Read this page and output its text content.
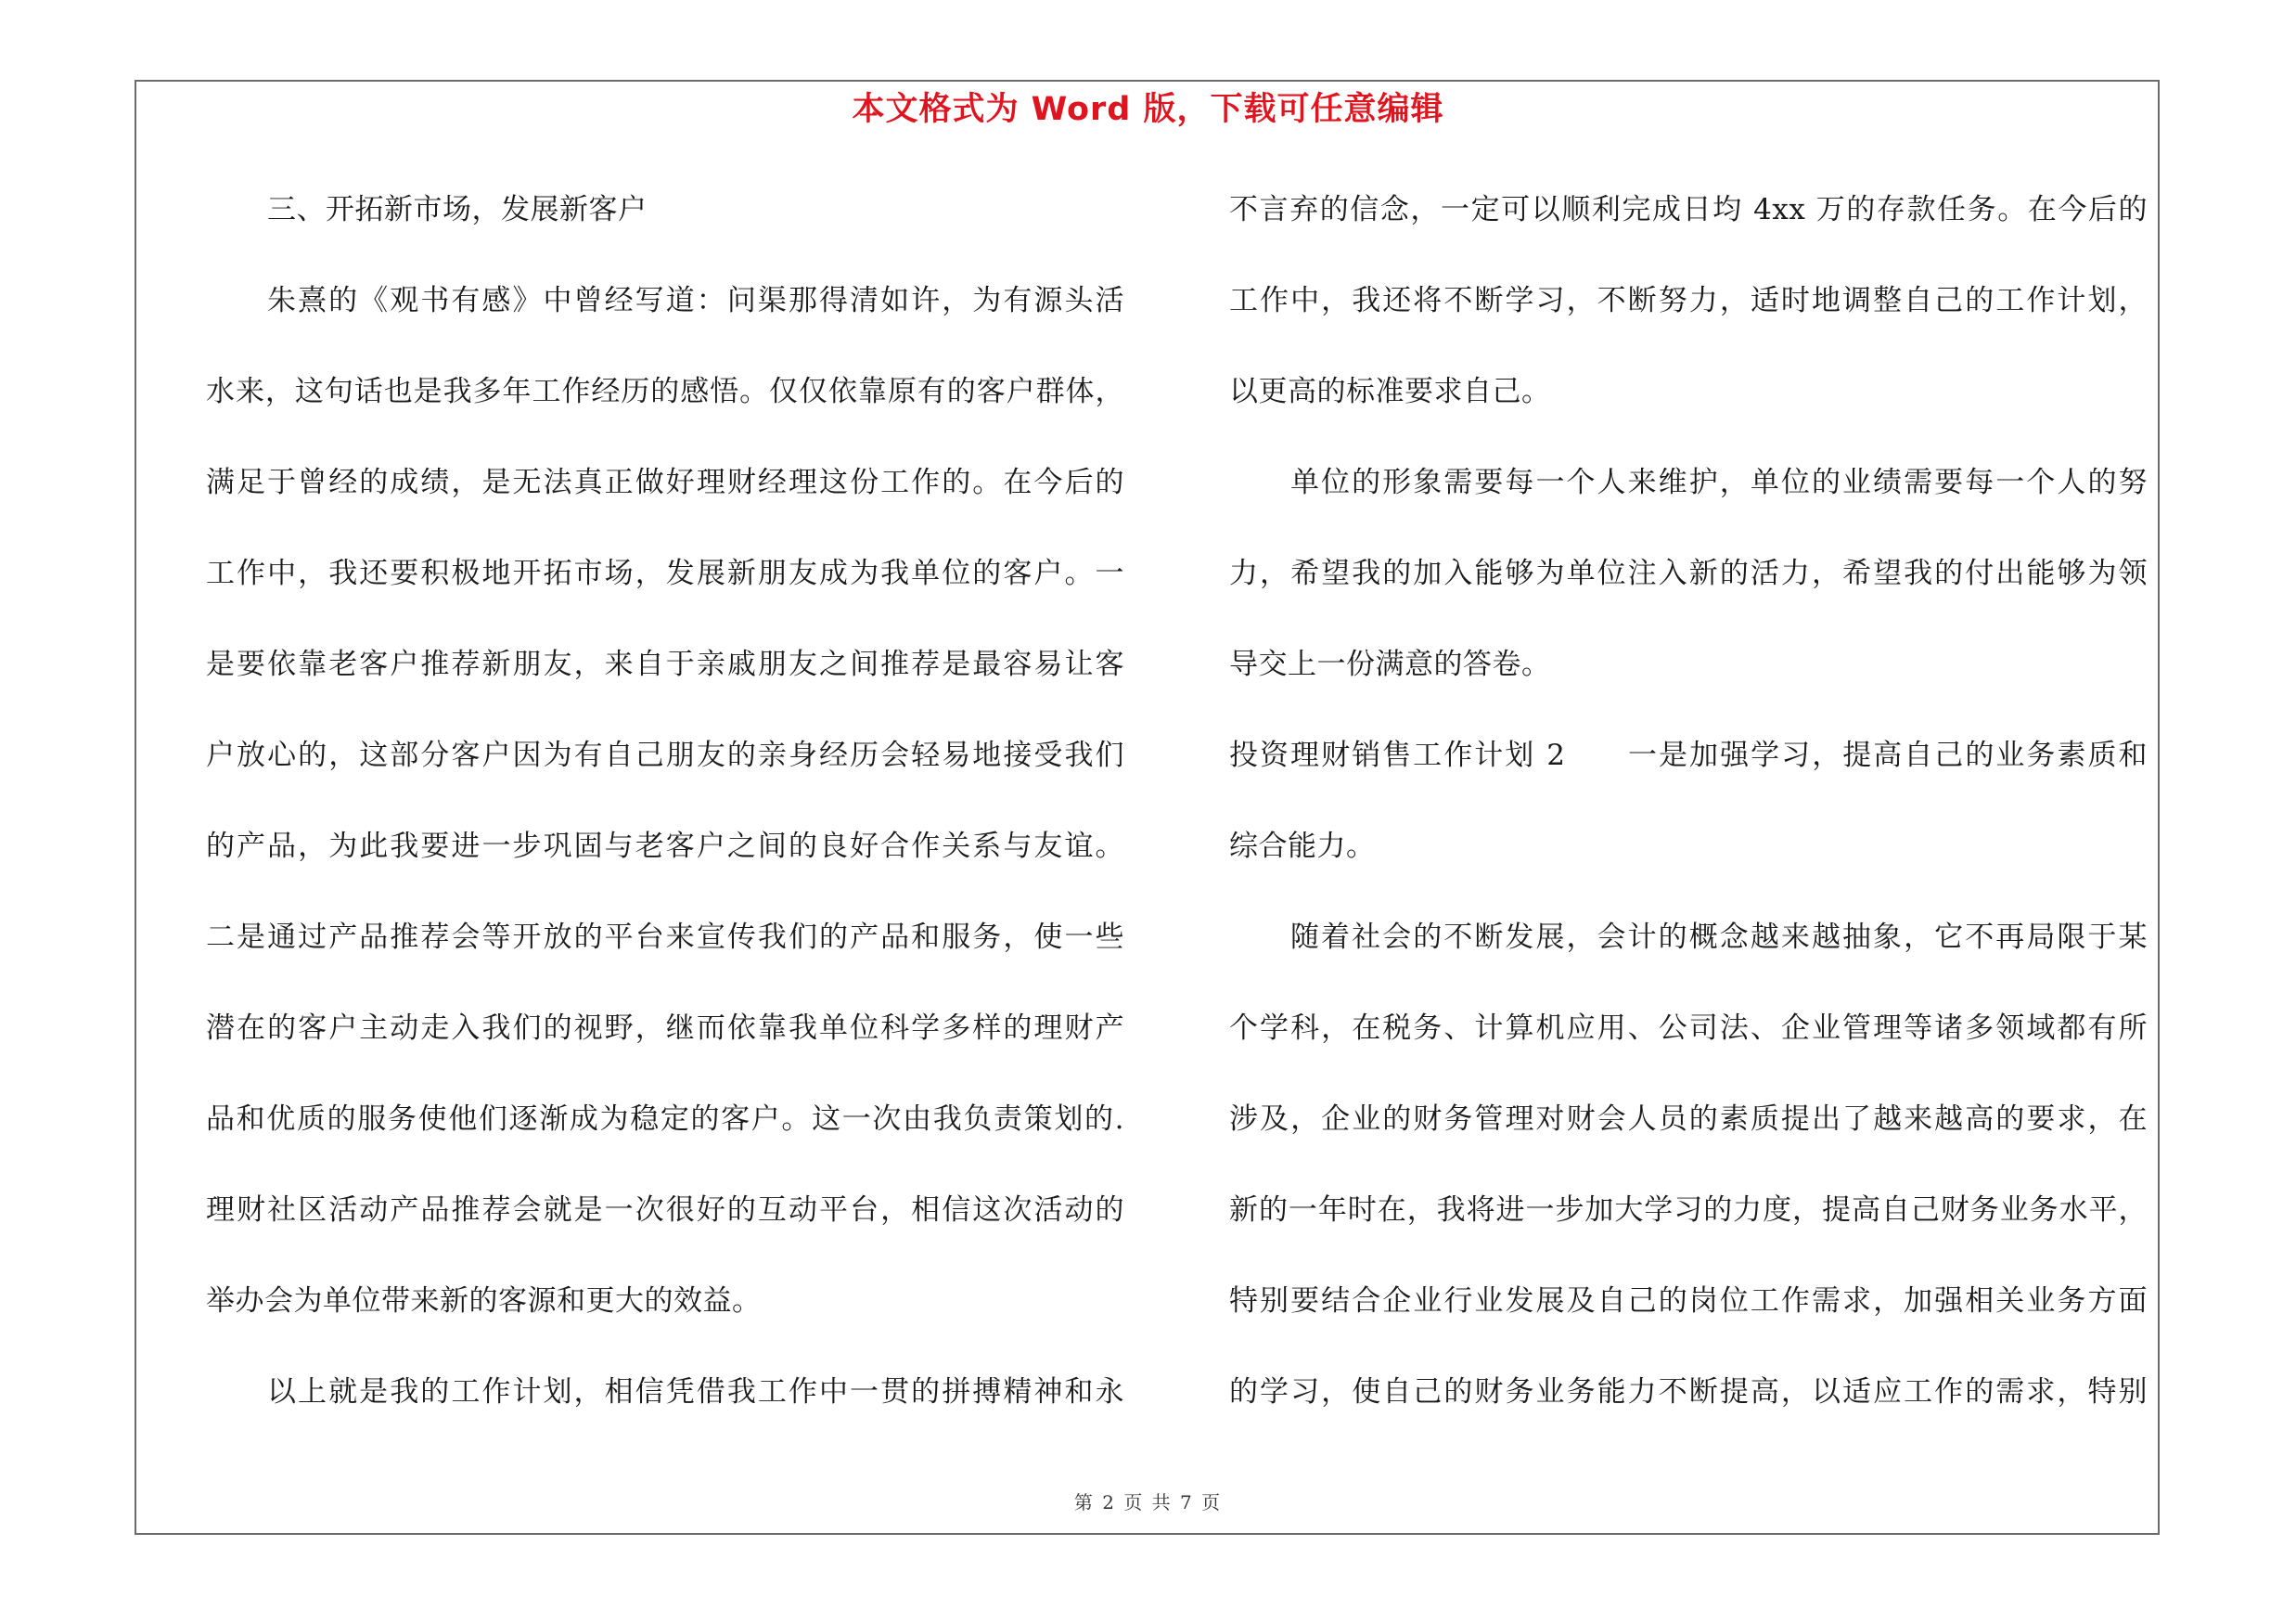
本文格式为 Word 版，下载可任意编辑
三、开拓新市场，发展新客户
朱熹的《观书有感》中曾经写道：问渠那得清如许，为有源头活
水来，这句话也是我多年工作经历的感悟。仅仅依靠原有的客户群体，
满足于曾经的成绩，是无法真正做好理财经理这份工作的。在今后的
工作中，我还要积极地开拓市场，发展新朋友成为我单位的客户。一
是要依靠老客户推荐新朋友，来自于亲戚朋友之间推荐是最容易让客
户放心的，这部分客户因为有自己朋友的亲身经历会轻易地接受我们
的产品，为此我要进一步巩固与老客户之间的良好合作关系与友谊。
二是通过产品推荐会等开放的平台来宣传我们的产品和服务，使一些
潜在的客户主动走入我们的视野，继而依靠我单位科学多样的理财产
品和优质的服务使他们逐渐成为稳定的客户。这一次由我负责策划的.
理财社区活动产品推荐会就是一次很好的互动平台，相信这次活动的
举办会为单位带来新的客源和更大的效益。
以上就是我的工作计划，相信凭借我工作中一贯的拼搏精神和永
不言弃的信念，一定可以顺利完成日均 4xx 万的存款任务。在今后的
工作中，我还将不断学习，不断努力，适时地调整自己的工作计划，
以更高的标准要求自己。
单位的形象需要每一个人来维护，单位的业绩需要每一个人的努
力，希望我的加入能够为单位注入新的活力，希望我的付出能够为领
导交上一份满意的答卷。
投资理财销售工作计划 2　　一是加强学习，提高自己的业务素质和
综合能力。
随着社会的不断发展，会计的概念越来越抽象，它不再局限于某
个学科，在税务、计算机应用、公司法、企业管理等诸多领域都有所
涉及，企业的财务管理对财会人员的素质提出了越来越高的要求，在
新的一年时在，我将进一步加大学习的力度，提高自己财务业务水平，
特别要结合企业行业发展及自己的岗位工作需求，加强相关业务方面
的学习，使自己的财务业务能力不断提高，以适应工作的需求，特别
第 2 页 共 7 页
